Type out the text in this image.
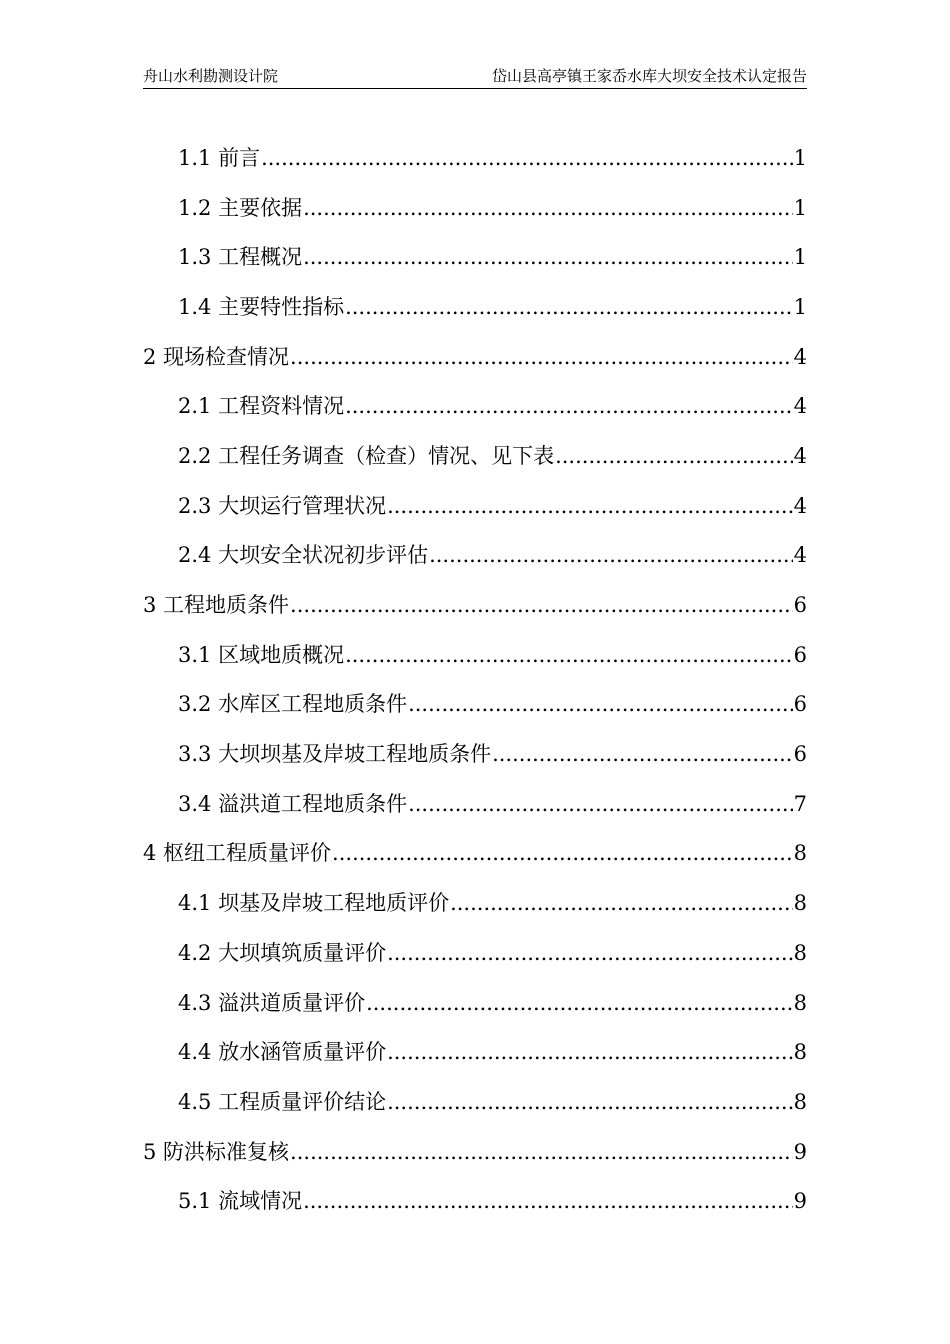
舟山水利勘测设计院	岱山县高亭镇王家岙水库大坝安全技术认定报告
1.1 前言 .....	1
1.2 主要依据 .....	1
1.3 工程概况 .....	1
1.4 主要特性指标 .....	1
2 现场检查情况 .....	4
2.1 工程资料情况 .....	4
2.2 工程任务调查（检查）情况、见下表 .....	4
2.3 大坝运行管理状况 .....	4
2.4 大坝安全状况初步评估 .....	4
3 工程地质条件 .....	6
3.1 区域地质概况 .....	6
3.2 水库区工程地质条件 .....	6
3.3 大坝坝基及岸坡工程地质条件 .....	6
3.4 溢洪道工程地质条件 .....	7
4 枢纽工程质量评价 .....	8
4.1 坝基及岸坡工程地质评价 .....	8
4.2 大坝填筑质量评价 .....	8
4.3 溢洪道质量评价 .....	8
4.4 放水涵管质量评价 .....	8
4.5 工程质量评价结论 .....	8
5 防洪标准复核 .....	9
5.1 流域情况 .....	9
